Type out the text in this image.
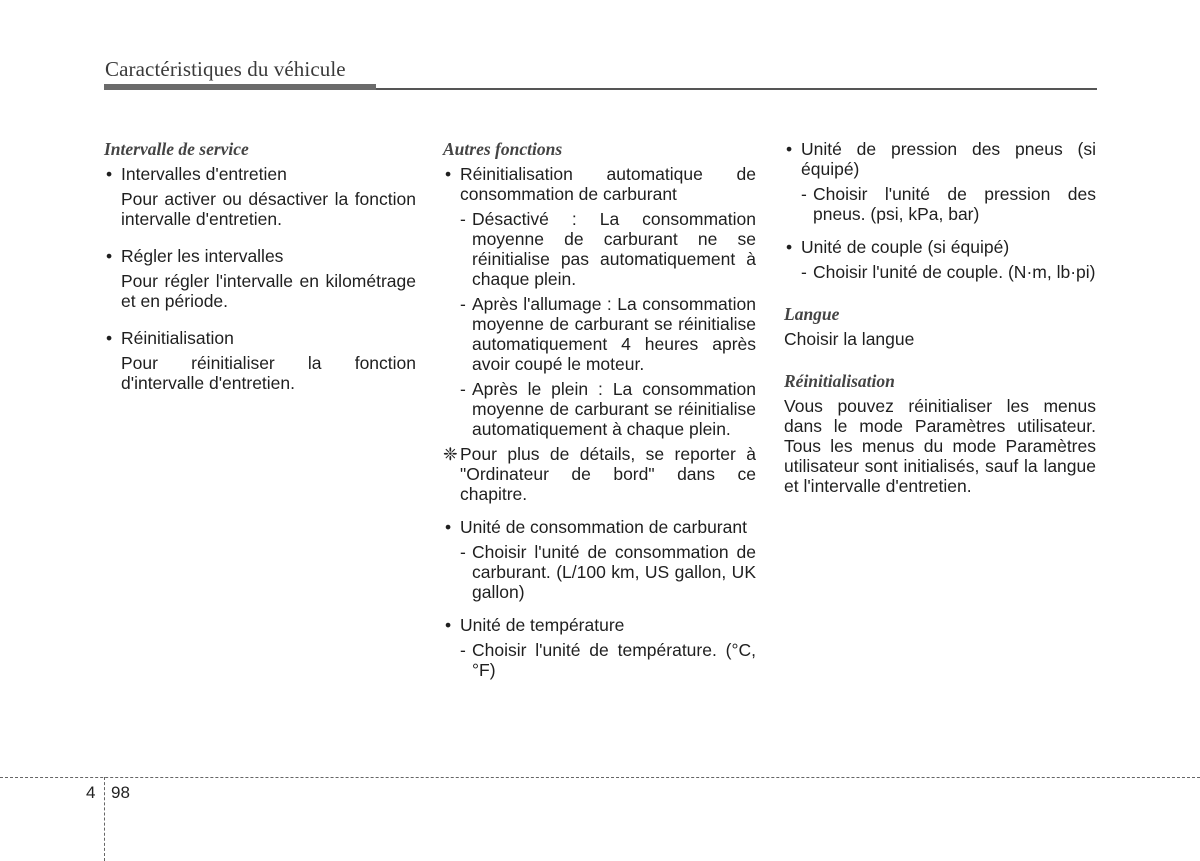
Caractéristiques du véhicule
Intervalle de service
• Intervalles d'entretien
Pour activer ou désactiver la fonction intervalle d'entretien.
• Régler les intervalles
Pour régler l'intervalle en kilométrage et en période.
• Réinitialisation
Pour réinitialiser la fonction d'intervalle d'entretien.
Autres fonctions
• Réinitialisation automatique de consommation de carburant
- Désactivé : La consommation moyenne de carburant ne se réinitialise pas automatiquement à chaque plein.
- Après l'allumage : La consommation moyenne de carburant se réinitialise automatiquement 4 heures après avoir coupé le moteur.
- Après le plein : La consommation moyenne de carburant se réinitialise automatiquement à chaque plein.
❈ Pour plus de détails, se reporter à "Ordinateur de bord" dans ce chapitre.
• Unité de consommation de carburant
- Choisir l'unité de consommation de carburant. (L/100 km, US gallon, UK gallon)
• Unité de température
- Choisir l'unité de température. (°C,°F)
• Unité de pression des pneus (si équipé)
- Choisir l'unité de pression des pneus. (psi, kPa, bar)
• Unité de couple (si équipé)
- Choisir l'unité de couple. (N·m, lb·pi)
Langue
Choisir la langue
Réinitialisation
Vous pouvez réinitialiser les menus dans le mode Paramètres utilisateur. Tous les menus du mode Paramètres utilisateur sont initialisés, sauf la langue et l'intervalle d'entretien.
4 98
